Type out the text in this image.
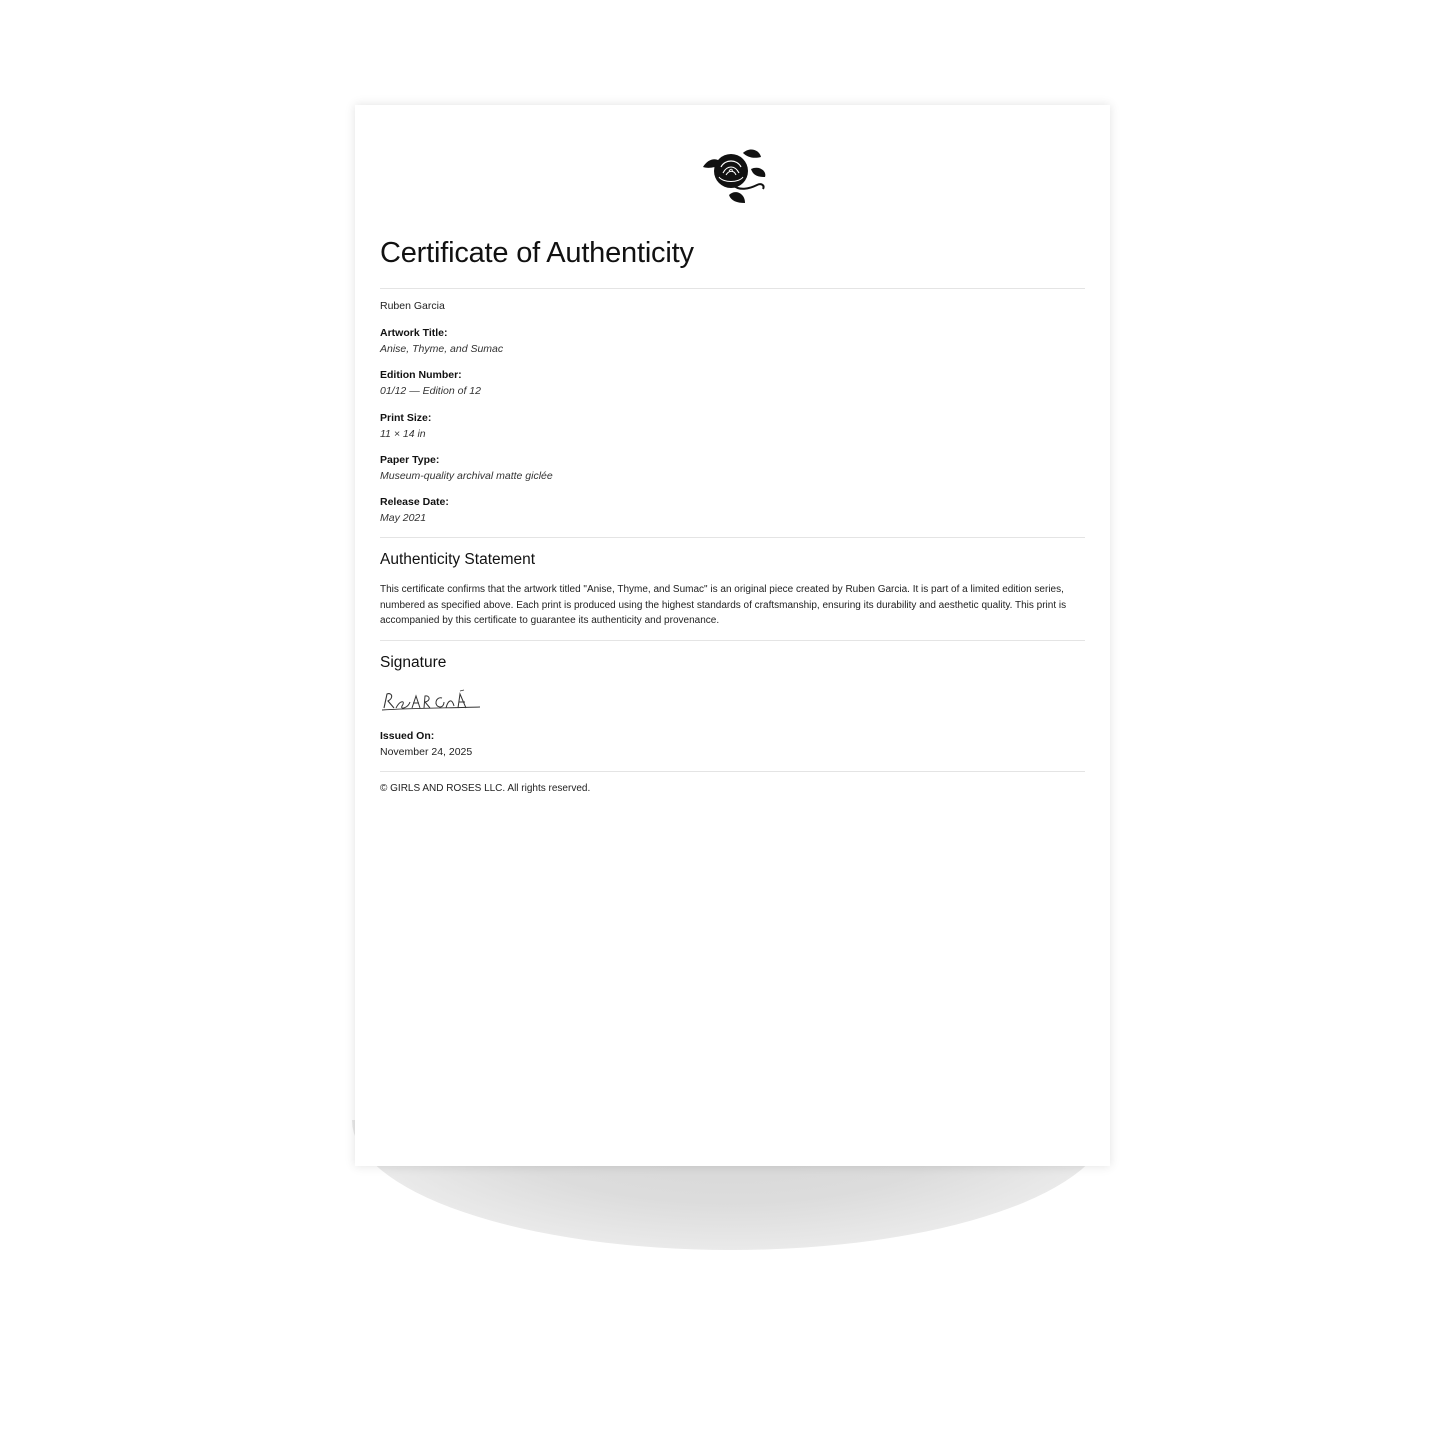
Certificate of Authenticity
Ruben Garcia
Artwork Title:
Anise, Thyme, and Sumac
Edition Number:
01/12 — Edition of 12
Print Size:
11 × 14 in
Paper Type:
Museum-quality archival matte giclée
Release Date:
May 2021
Authenticity Statement

This certificate confirms that the artwork titled "Anise, Thyme, and Sumac" is an original piece created by Ruben Garcia. It is part of a limited edition series, numbered as specified above. Each print is produced using the highest standards of craftsmanship, ensuring its durability and aesthetic quality. This print is accompanied by this certificate to guarantee its authenticity and provenance.

Signature
Issued On:
November 24, 2025
© GIRLS AND ROSES LLC. All rights reserved.
